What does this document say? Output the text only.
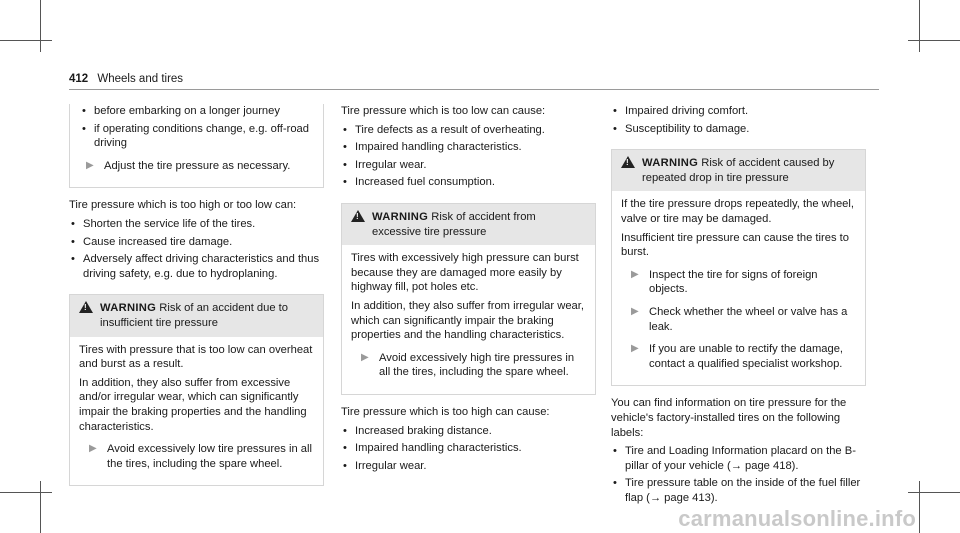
412 Wheels and tires
• before embarking on a longer journey
• if operating conditions change, e.g. off-road driving
▶ Adjust the tire pressure as necessary.

Tire pressure which is too high or too low can:

• Shorten the service life of the tires.
• Cause increased tire damage.
• Adversely affect driving characteristics and thus driving safety, e.g. due to hydroplaning.
! WARNING Risk of an accident due to insufficient tire pressure

Tires with pressure that is too low can overheat and burst as a result.

In addition, they also suffer from excessive and/or irregular wear, which can significantly impair the braking properties and the handling characteristics.

▶ Avoid excessively low tire pressures in all the tires, including the spare wheel.

Tire pressure which is too low can cause:

• Tire defects as a result of overheating.
• Impaired handling characteristics.
• Irregular wear.
• Increased fuel consumption.
! WARNING Risk of accident from excessive tire pressure

Tires with excessively high pressure can burst because they are damaged more easily by highway fill, pot holes etc.

In addition, they also suffer from irregular wear, which can significantly impair the braking properties and the handling characteristics.

▶ Avoid excessively high tire pressures in all the tires, including the spare wheel.

Tire pressure which is too high can cause:

• Increased braking distance.
• Impaired handling characteristics.
• Irregular wear.
• Impaired driving comfort.
• Susceptibility to damage.
! WARNING Risk of accident caused by repeated drop in tire pressure

If the tire pressure drops repeatedly, the wheel, valve or tire may be damaged.

Insufficient tire pressure can cause the tires to burst.

▶ Inspect the tire for signs of foreign objects.
▶ Check whether the wheel or valve has a leak.
▶ If you are unable to rectify the damage, contact a qualified specialist workshop.

You can find information on tire pressure for the vehicle's factory-installed tires on the following labels:

• Tire and Loading Information placard on the B-pillar of your vehicle (→ page 418).
• Tire pressure table on the inside of the fuel filler flap (→ page 413).
carmanualsonline.info
